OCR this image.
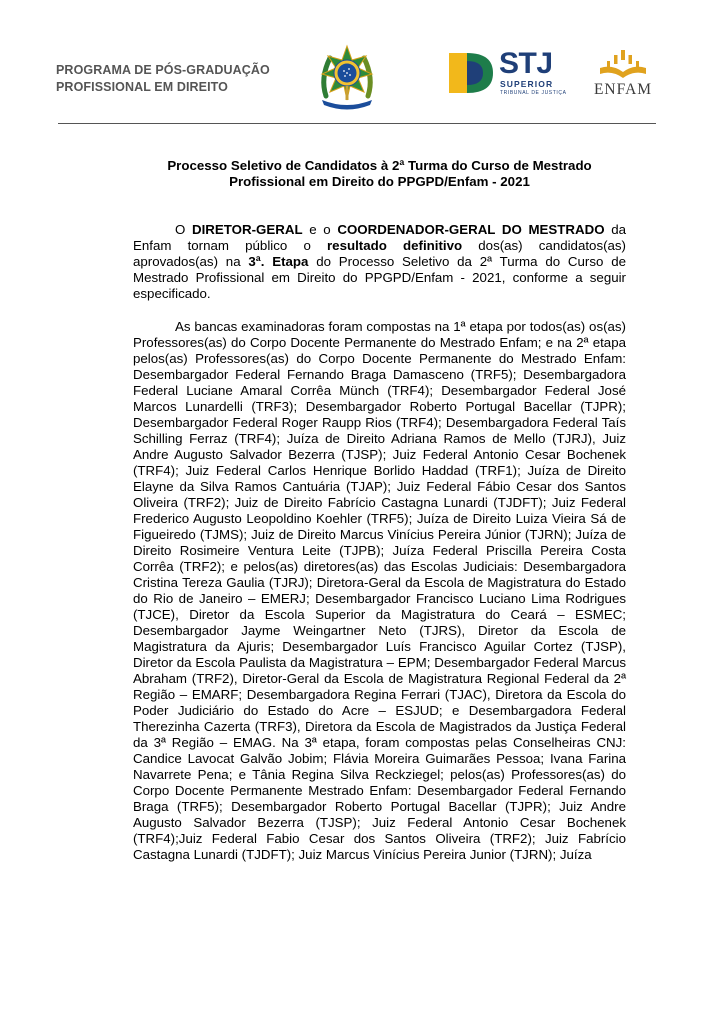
PROGRAMA DE PÓS-GRADUAÇÃO
PROFISSIONAL EM DIREITO
STJ
SUPERIOR
TRIBUNAL DE JUSTIÇA ENFAM
Processo Seletivo de Candidatos à 2ª Turma do Curso de Mestrado
Profissional em Direito do PPGPD/Enfam - 2021

O DIRETOR-GERAL e o COORDENADOR-GERAL DO MESTRADO da Enfam tornam público o resultado definitivo dos(as) candidatos(as) aprovados(as) na 3ª. Etapa do Processo Seletivo da 2ª Turma do Curso de Mestrado Profissional em Direito do PPGPD/Enfam - 2021, conforme a seguir especificado.

As bancas examinadoras foram compostas na 1ª etapa por todos(as) os(as) Professores(as) do Corpo Docente Permanente do Mestrado Enfam; e na 2ª etapa pelos(as) Professores(as) do Corpo Docente Permanente do Mestrado Enfam: Desembargador Federal Fernando Braga Damasceno (TRF5); Desembargadora Federal Luciane Amaral Corrêa Münch (TRF4); Desembargador Federal José Marcos Lunardelli (TRF3); Desembargador Roberto Portugal Bacellar (TJPR); Desembargador Federal Roger Raupp Rios (TRF4); Desembargadora Federal Taís Schilling Ferraz (TRF4); Juíza de Direito Adriana Ramos de Mello (TJRJ), Juiz Andre Augusto Salvador Bezerra (TJSP); Juiz Federal Antonio Cesar Bochenek (TRF4); Juiz Federal Carlos Henrique Borlido Haddad (TRF1); Juíza de Direito Elayne da Silva Ramos Cantuária (TJAP); Juiz Federal Fábio Cesar dos Santos Oliveira (TRF2); Juiz de Direito Fabrício Castagna Lunardi (TJDFT); Juiz Federal Frederico Augusto Leopoldino Koehler (TRF5); Juíza de Direito Luiza Vieira Sá de Figueiredo (TJMS); Juiz de Direito Marcus Vinícius Pereira Júnior (TJRN); Juíza de Direito Rosimeire Ventura Leite (TJPB); Juíza Federal Priscilla Pereira Costa Corrêa (TRF2); e pelos(as) diretores(as) das Escolas Judiciais: Desembargadora Cristina Tereza Gaulia (TJRJ); Diretora-Geral da Escola de Magistratura do Estado do Rio de Janeiro – EMERJ; Desembargador Francisco Luciano Lima Rodrigues (TJCE), Diretor da Escola Superior da Magistratura do Ceará – ESMEC; Desembargador Jayme Weingartner Neto (TJRS), Diretor da Escola de Magistratura da Ajuris; Desembargador Luís Francisco Aguilar Cortez (TJSP), Diretor da Escola Paulista da Magistratura – EPM; Desembargador Federal Marcus Abraham (TRF2), Diretor-Geral da Escola de Magistratura Regional Federal da 2ª Região – EMARF; Desembargadora Regina Ferrari (TJAC), Diretora da Escola do Poder Judiciário do Estado do Acre – ESJUD; e Desembargadora Federal Therezinha Cazerta (TRF3), Diretora da Escola de Magistrados da Justiça Federal da 3ª Região – EMAG. Na 3ª etapa, foram compostas pelas Conselheiras CNJ: Candice Lavocat Galvão Jobim; Flávia Moreira Guimarães Pessoa; Ivana Farina Navarrete Pena; e Tânia Regina Silva Reckziegel; pelos(as) Professores(as) do Corpo Docente Permanente Mestrado Enfam: Desembargador Federal Fernando Braga (TRF5); Desembargador Roberto Portugal Bacellar (TJPR); Juiz Andre Augusto Salvador Bezerra (TJSP); Juiz Federal Antonio Cesar Bochenek (TRF4);Juiz Federal Fabio Cesar dos Santos Oliveira (TRF2); Juiz Fabrício Castagna Lunardi (TJDFT); Juiz Marcus Vinícius Pereira Junior (TJRN); Juíza
